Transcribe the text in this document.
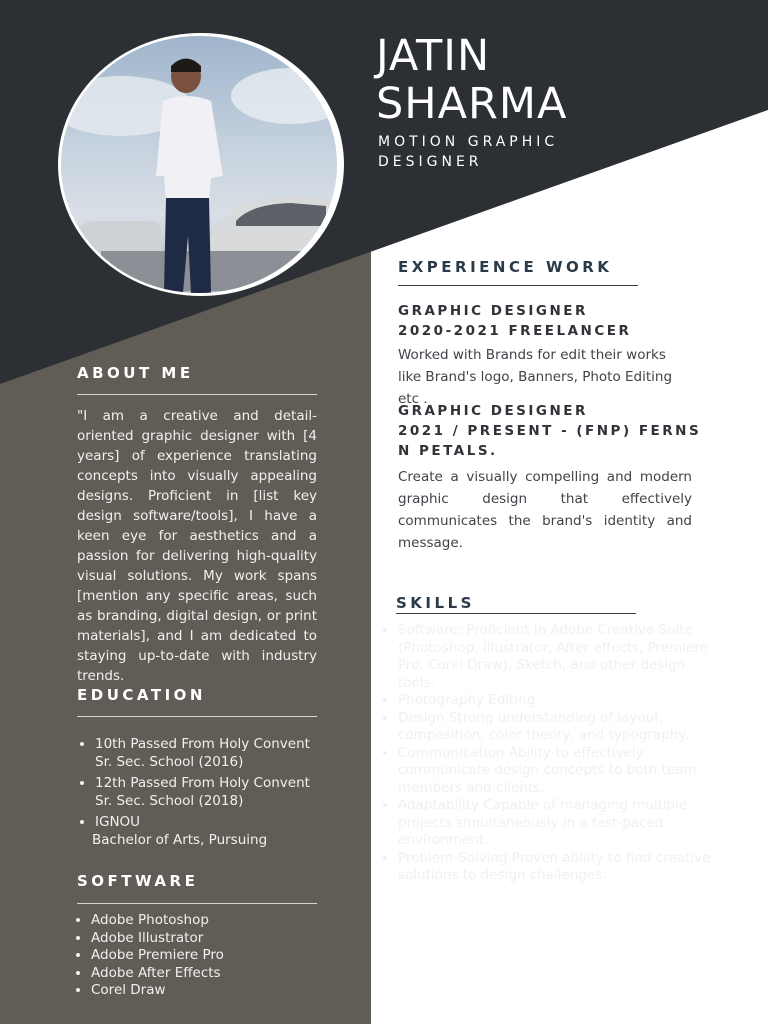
JATIN
SHARMA
MOTION GRAPHIC
DESIGNER
ABOUT ME
"I am a creative and detail-oriented graphic designer with [4 years] of experience translating concepts into visually appealing designs. Proficient in [list key design software/tools], I have a keen eye for aesthetics and a passion for delivering high-quality visual solutions. My work spans [mention any specific areas, such as branding, digital design, or print materials], and I am dedicated to staying up-to-date with industry trends.
EDUCATION
• 10th Passed From Holy Convent
Sr. Sec. School (2016)
• 12th Passed From Holy Convent
Sr. Sec. School (2018)
• IGNOU
Bachelor of Arts, Pursuing
SOFTWARE
• Adobe Photoshop
• Adobe Illustrator
• Adobe Premiere Pro
• Adobe After Effects
• Corel Draw
EXPERIENCE WORK
GRAPHIC DESIGNER
2020-2021 FREELANCER
Worked with Brands for edit their works like Brand's logo, Banners, Photo Editing etc .
GRAPHIC DESIGNER
2021 / PRESENT - (FNP) FERNS N PETALS.
Create a visually compelling and modern graphic design that effectively communicates the brand's identity and message.
SKILLS
• Software: Proficient in Adobe Creative Suite (Photoshop, Illustrator, After effects, Premiere Pro, Corel Draw), Sketch, and other design tools.
• Photography Editing
• Design Strong understanding of layout, composition, color theory, and typography.
• Communication Ability to effectively communicate design concepts to both team members and clients.
• Adaptability Capable of managing multiple projects simultaneously in a fast-paced environment.
• Problem-Solving Proven ability to find creative solutions to design challenges.
